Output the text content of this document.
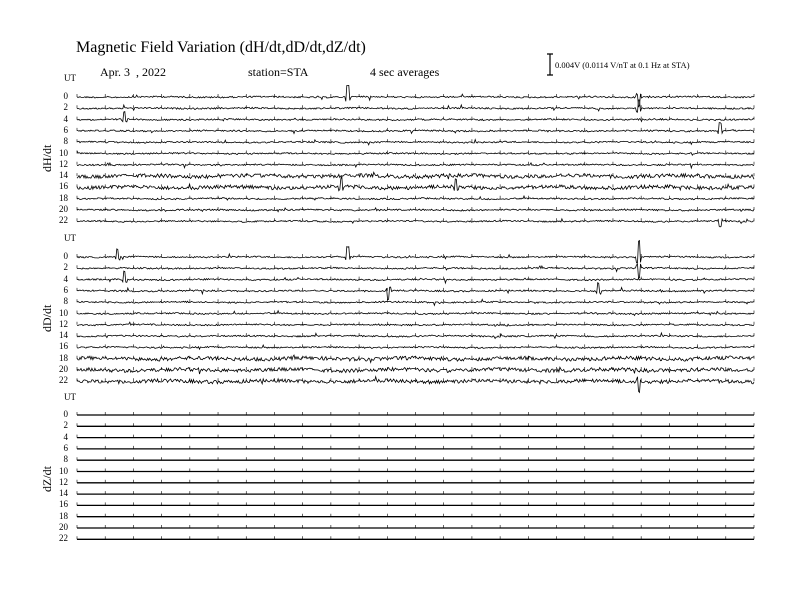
Magnetic Field Variation (dH/dt,dD/dt,dZ/dt)
Apr. 3  , 2022	station=STA	4 sec averages	0.004V (0.0114 V/nT at 0.1 Hz at STA)
UT
UT
UT
dH/dt
dD/dt
dZ/dt
0
2
4
6
8
10
12
14
16
18
20
22
0
2
4
6
8
10
12
14
16
18
20
22
0
2
4
6
8
10
12
14
16
18
20
22
